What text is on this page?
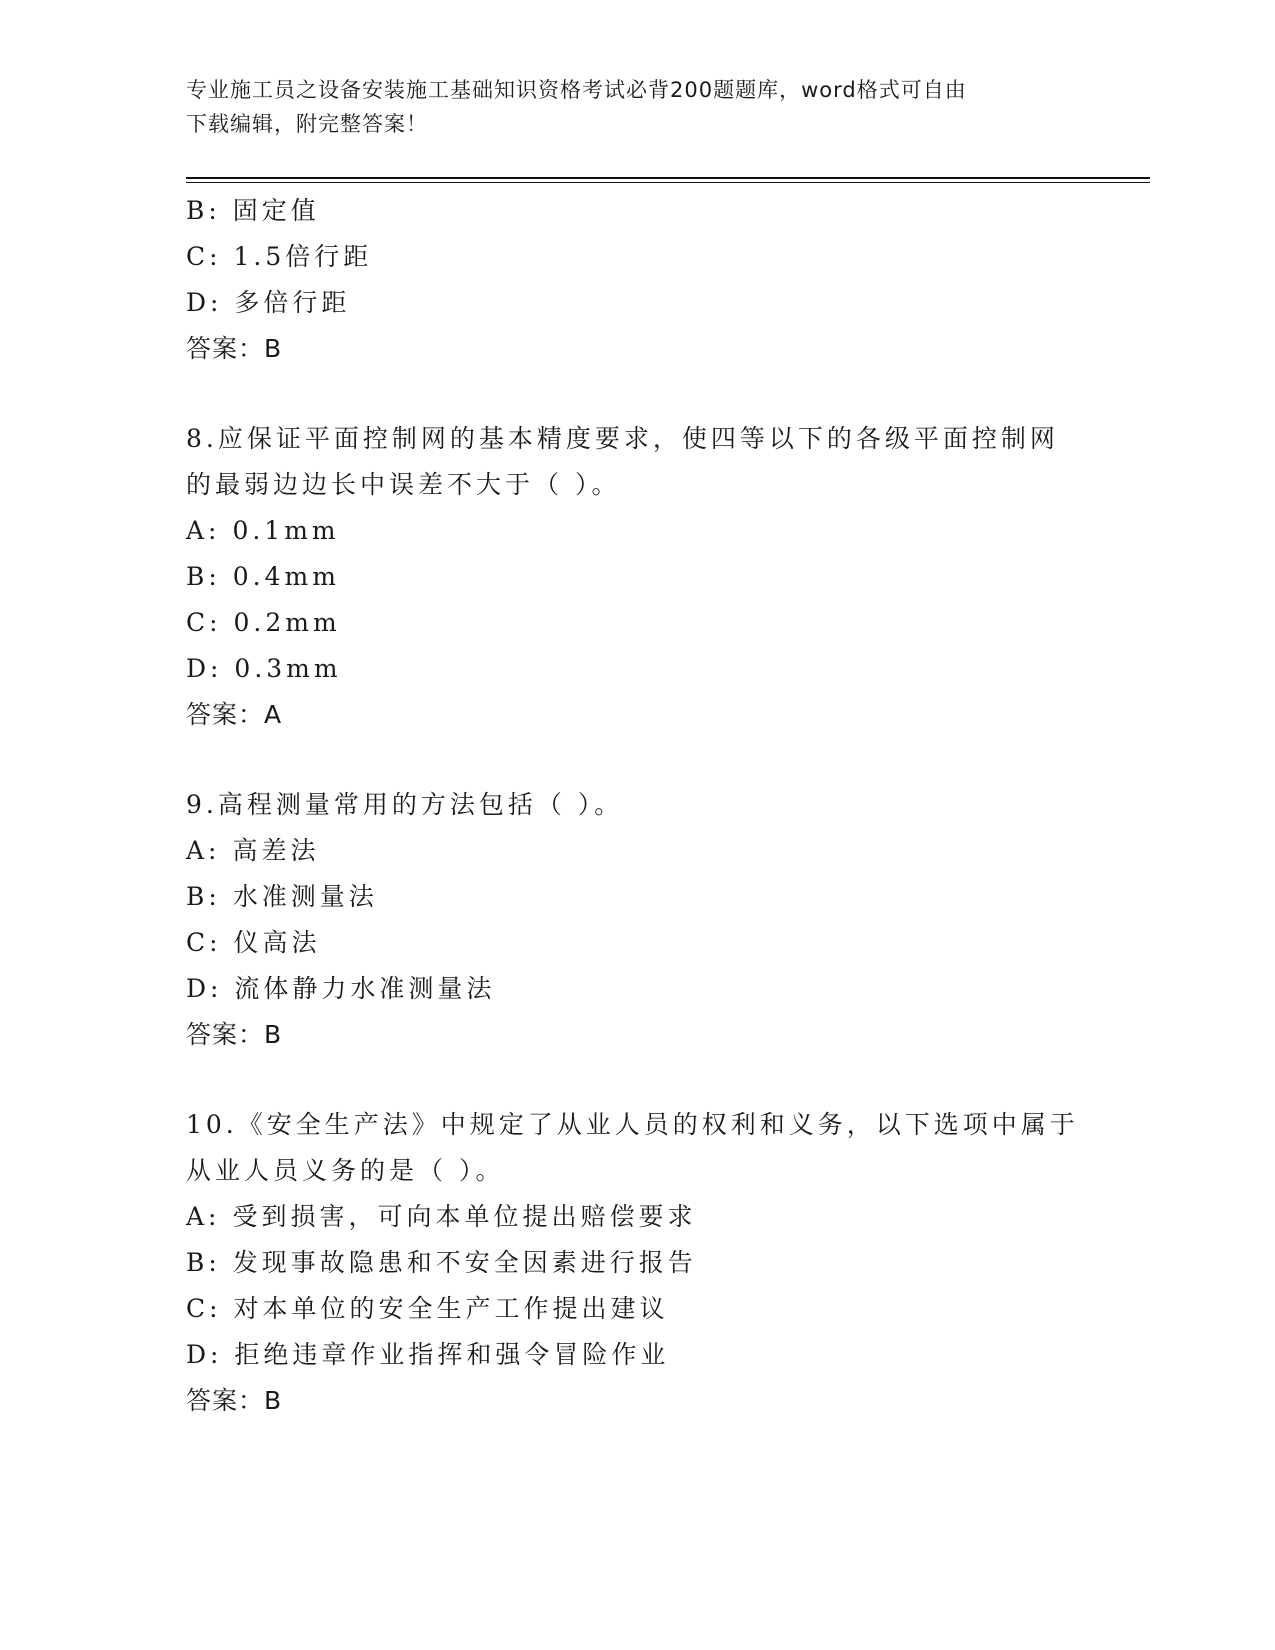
专业施工员之设备安装施工基础知识资格考试必背200题题库，word格式可自由
下载编辑，附完整答案！
B: 固定值
C: 1.5倍行距
D: 多倍行距
答案：B
8.应保证平面控制网的基本精度要求，使四等以下的各级平面控制网
的最弱边边长中误差不大于（ ）。
A: 0.1mm
B: 0.4mm
C: 0.2mm
D: 0.3mm
答案：A
9.高程测量常用的方法包括（ ）。
A: 高差法
B: 水准测量法
C: 仪高法
D: 流体静力水准测量法
答案：B
10.《安全生产法》中规定了从业人员的权利和义务，以下选项中属于
从业人员义务的是（ ）。
A: 受到损害，可向本单位提出赔偿要求
B: 发现事故隐患和不安全因素进行报告
C: 对本单位的安全生产工作提出建议
D: 拒绝违章作业指挥和强令冒险作业
答案：B
